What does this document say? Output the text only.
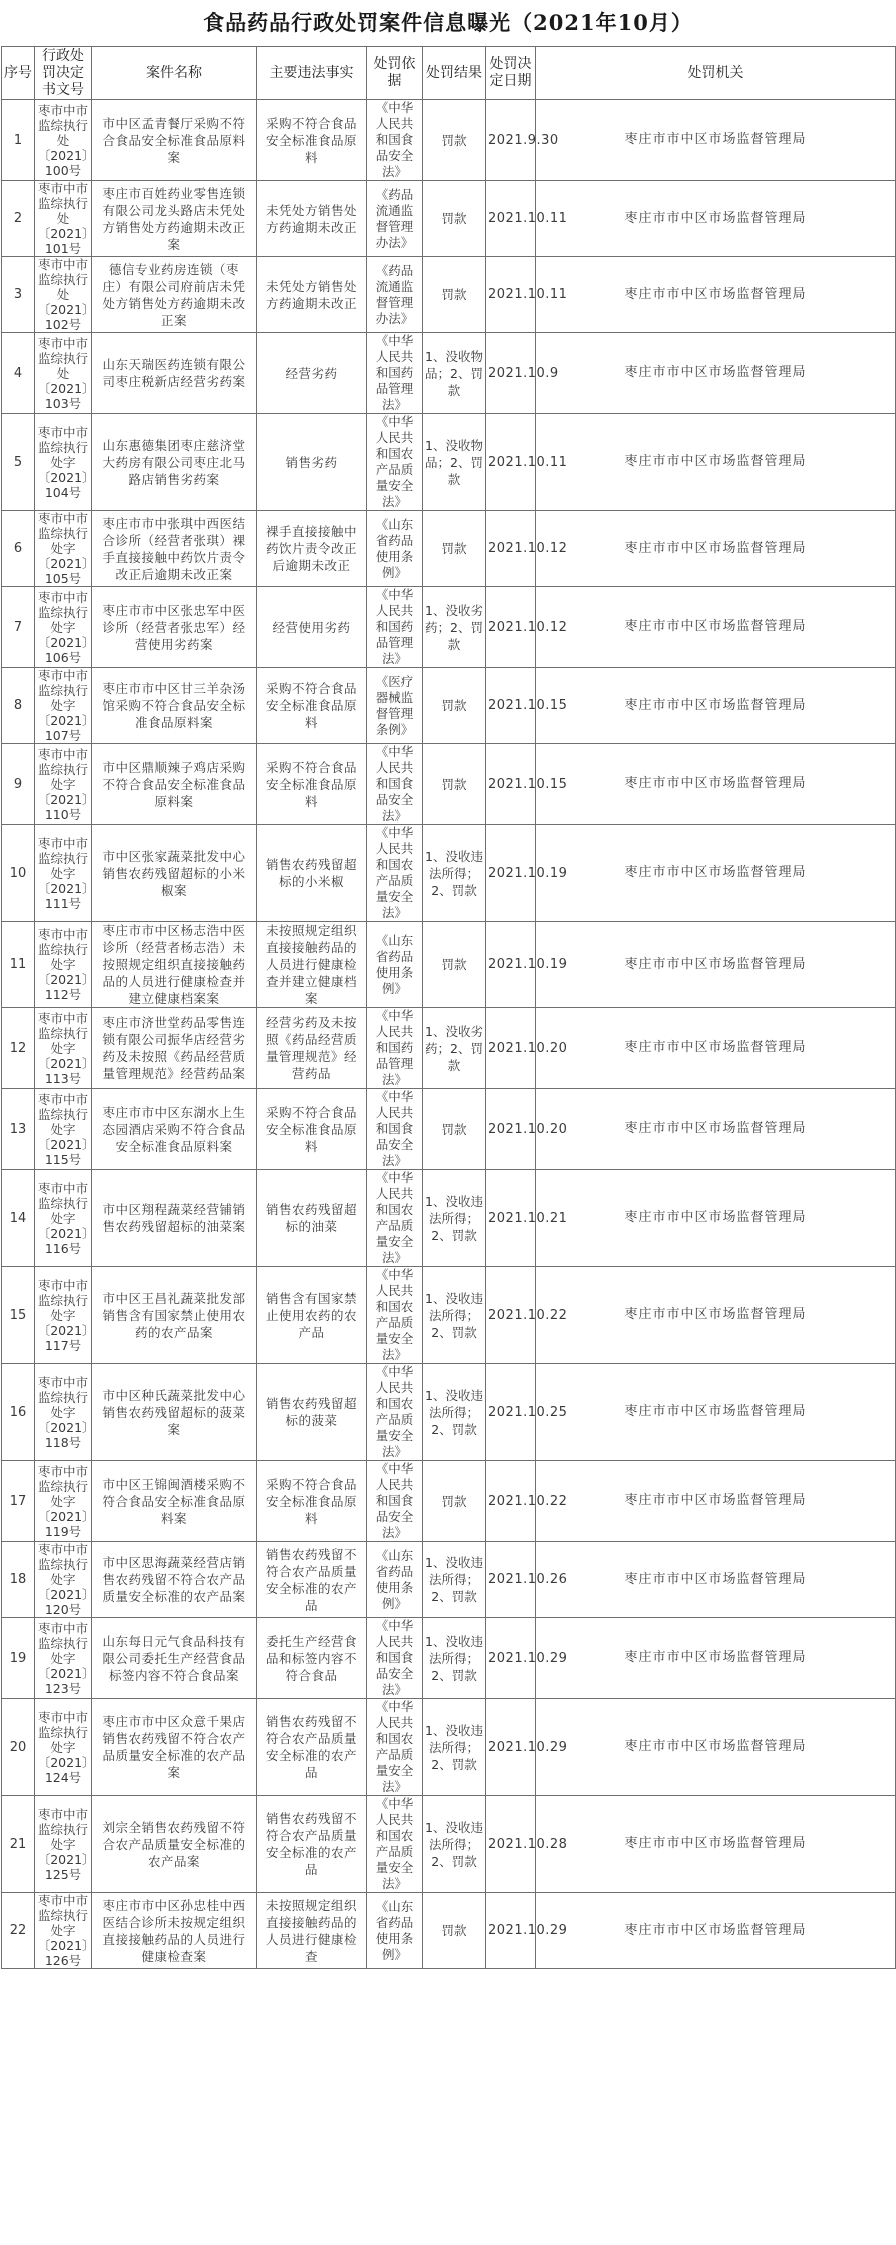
食品药品行政处罚案件信息曝光（2021年10月）
序号	行政处罚决定书文号	案件名称	主要违法事实	处罚依据	处罚结果	处罚决定日期	处罚机关
1	枣市中市监综执行处〔2021〕100号	市中区孟青餐厅采购不符合食品安全标准食品原料案	采购不符合食品安全标准食品原料	《中华人民共和国食品安全法》	罚款	2021.9.30	枣庄市市中区市场监督管理局
2	枣市中市监综执行处〔2021〕101号	枣庄市百姓药业零售连锁有限公司龙头路店未凭处方销售处方药逾期未改正案	未凭处方销售处方药逾期未改正	《药品流通监督管理办法》	罚款	2021.10.11	枣庄市市中区市场监督管理局
3	枣市中市监综执行处〔2021〕102号	德信专业药房连锁（枣庄）有限公司府前店未凭处方销售处方药逾期未改正案	未凭处方销售处方药逾期未改正	《药品流通监督管理办法》	罚款	2021.10.11	枣庄市市中区市场监督管理局
4	枣市中市监综执行处〔2021〕103号	山东天瑞医药连锁有限公司枣庄税新店经营劣药案	经营劣药	《中华人民共和国药品管理法》	1、没收物品；2、罚款	2021.10.9	枣庄市市中区市场监督管理局
5	枣市中市监综执行处字〔2021〕104号	山东惠德集团枣庄慈济堂大药房有限公司枣庄北马路店销售劣药案	销售劣药	《中华人民共和国农产品质量安全法》	1、没收物品；2、罚款	2021.10.11	枣庄市市中区市场监督管理局
6	枣市中市监综执行处字〔2021〕105号	枣庄市市中张琪中西医结合诊所（经营者张琪）裸手直接接触中药饮片责令改正后逾期未改正案	裸手直接接触中药饮片责令改正后逾期未改正	《山东省药品使用条例》	罚款	2021.10.12	枣庄市市中区市场监督管理局
7	枣市中市监综执行处字〔2021〕106号	枣庄市市中区张忠军中医诊所（经营者张忠军）经营使用劣药案	经营使用劣药	《中华人民共和国药品管理法》	1、没收劣药；2、罚款	2021.10.12	枣庄市市中区市场监督管理局
8	枣市中市监综执行处字〔2021〕107号	枣庄市市中区甘三羊杂汤馆采购不符合食品安全标准食品原料案	采购不符合食品安全标准食品原料	《医疗器械监督管理条例》	罚款	2021.10.15	枣庄市市中区市场监督管理局
9	枣市中市监综执行处字〔2021〕110号	市中区鼎顺辣子鸡店采购不符合食品安全标准食品原料案	采购不符合食品安全标准食品原料	《中华人民共和国食品安全法》	罚款	2021.10.15	枣庄市市中区市场监督管理局
10	枣市中市监综执行处字〔2021〕111号	市中区张家蔬菜批发中心销售农药残留超标的小米椒案	销售农药残留超标的小米椒	《中华人民共和国农产品质量安全法》	1、没收违法所得；2、罚款	2021.10.19	枣庄市市中区市场监督管理局
11	枣市中市监综执行处字〔2021〕112号	枣庄市市中区杨志浩中医诊所（经营者杨志浩）未按照规定组织直接接触药品的人员进行健康检查并建立健康档案案	未按照规定组织直接接触药品的人员进行健康检查并建立健康档案	《山东省药品使用条例》	罚款	2021.10.19	枣庄市市中区市场监督管理局
12	枣市中市监综执行处字〔2021〕113号	枣庄市济世堂药品零售连锁有限公司振华店经营劣药及未按照《药品经营质量管理规范》经营药品案	经营劣药及未按照《药品经营质量管理规范》经营药品	《中华人民共和国药品管理法》	1、没收劣药；2、罚款	2021.10.20	枣庄市市中区市场监督管理局
13	枣市中市监综执行处字〔2021〕115号	枣庄市市中区东湖水上生态园酒店采购不符合食品安全标准食品原料案	采购不符合食品安全标准食品原料	《中华人民共和国食品安全法》	罚款	2021.10.20	枣庄市市中区市场监督管理局
14	枣市中市监综执行处字〔2021〕116号	市中区翔程蔬菜经营铺销售农药残留超标的油菜案	销售农药残留超标的油菜	《中华人民共和国农产品质量安全法》	1、没收违法所得；2、罚款	2021.10.21	枣庄市市中区市场监督管理局
15	枣市中市监综执行处字〔2021〕117号	市中区王昌礼蔬菜批发部销售含有国家禁止使用农药的农产品案	销售含有国家禁止使用农药的农产品	《中华人民共和国农产品质量安全法》	1、没收违法所得；2、罚款	2021.10.22	枣庄市市中区市场监督管理局
16	枣市中市监综执行处字〔2021〕118号	市中区种氏蔬菜批发中心销售农药残留超标的菠菜案	销售农药残留超标的菠菜	《中华人民共和国农产品质量安全法》	1、没收违法所得；2、罚款	2021.10.25	枣庄市市中区市场监督管理局
17	枣市中市监综执行处字〔2021〕119号	市中区王锦闽酒楼采购不符合食品安全标准食品原料案	采购不符合食品安全标准食品原料	《中华人民共和国食品安全法》	罚款	2021.10.22	枣庄市市中区市场监督管理局
18	枣市中市监综执行处字〔2021〕120号	市中区思海蔬菜经营店销售农药残留不符合农产品质量安全标准的农产品案	销售农药残留不符合农产品质量安全标准的农产品	《山东省药品使用条例》	1、没收违法所得；2、罚款	2021.10.26	枣庄市市中区市场监督管理局
19	枣市中市监综执行处字〔2021〕123号	山东每日元气食品科技有限公司委托生产经营食品标签内容不符合食品案	委托生产经营食品和标签内容不符合食品	《中华人民共和国食品安全法》	1、没收违法所得；2、罚款	2021.10.29	枣庄市市中区市场监督管理局
20	枣市中市监综执行处字〔2021〕124号	枣庄市市中区众意千果店销售农药残留不符合农产品质量安全标准的农产品案	销售农药残留不符合农产品质量安全标准的农产品	《中华人民共和国农产品质量安全法》	1、没收违法所得；2、罚款	2021.10.29	枣庄市市中区市场监督管理局
21	枣市中市监综执行处字〔2021〕125号	刘宗全销售农药残留不符合农产品质量安全标准的农产品案	销售农药残留不符合农产品质量安全标准的农产品	《中华人民共和国农产品质量安全法》	1、没收违法所得；2、罚款	2021.10.28	枣庄市市中区市场监督管理局
22	枣市中市监综执行处字〔2021〕126号	枣庄市市中区孙忠桂中西医结合诊所未按规定组织直接接触药品的人员进行健康检查案	未按照规定组织直接接触药品的人员进行健康检查	《山东省药品使用条例》	罚款	2021.10.29	枣庄市市中区市场监督管理局
